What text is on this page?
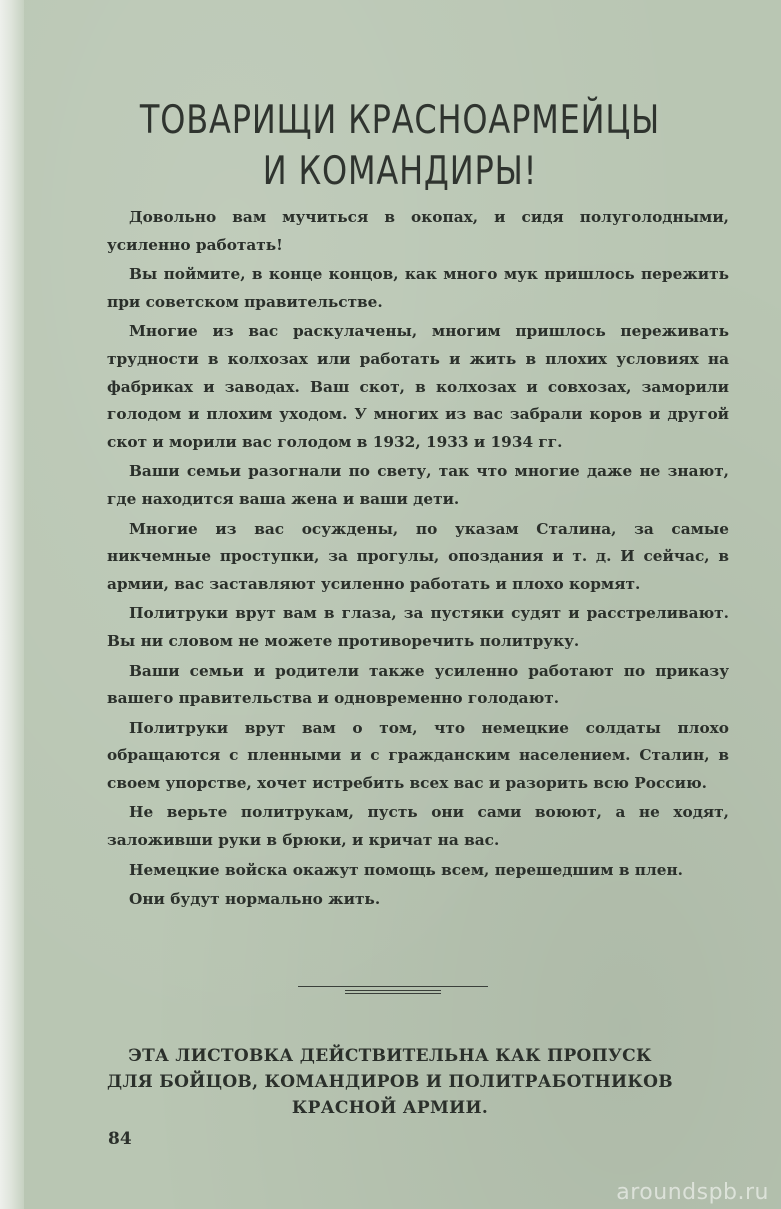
ТОВАРИЩИ КРАСНОАРМЕЙЦЫ
И КОМАНДИРЫ!

Довольно вам мучиться в окопах, и сидя полуголодными, усиленно работать!

Вы поймите, в конце концов, как много мук пришлось пережить при советском правительстве.

Многие из вас раскулачены, многим пришлось переживать трудности в колхозах или работать и жить в плохих условиях на фабриках и заводах. Ваш скот, в колхозах и совхозах, заморили голодом и плохим уходом. У многих из вас забрали коров и другой скот и морили вас голодом в 1932, 1933 и 1934 гг.

Ваши семьи разогнали по свету, так что многие даже не знают, где находится ваша жена и ваши дети.

Многие из вас осуждены, по указам Сталина, за самые никчемные проступки, за прогулы, опоздания и т. д. И сейчас, в армии, вас заставляют усиленно работать и плохо кормят.

Политруки врут вам в глаза, за пустяки судят и расстреливают. Вы ни словом не можете противоречить политруку.

Ваши семьи и родители также усиленно работают по приказу вашего правительства и одновременно голодают.

Политруки врут вам о том, что немецкие солдаты плохо обращаются с пленными и с гражданским населением. Сталин, в своем упорстве, хочет истребить всех вас и разорить всю Россию.

Не верьте политрукам, пусть они сами воюют, а не ходят, заложивши руки в брюки, и кричат на вас.

Немецкие войска окажут помощь всем, перешедшим в плен.

Они будут нормально жить.

ЭТА ЛИСТОВКА ДЕЙСТВИТЕЛЬНА КАК ПРОПУСК
ДЛЯ БОЙЦОВ, КОМАНДИРОВ И ПОЛИТРАБОТНИКОВ
КРАСНОЙ АРМИИ.
84
aroundspb.ru
